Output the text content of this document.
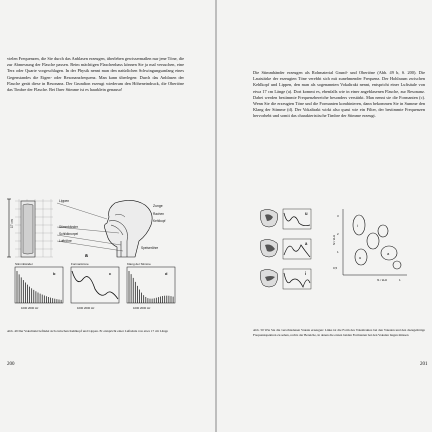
vielen Frequenzen, die Sie durch das Anblasen erzeugen, überleben gewissermaßen nur jene Töne, die zur Abmessung der Flasche passen. Beim mächtigen Flaschenbass können Sie ja mal versuchen, eine Terz oder Quarte vorgeschlagen. In der Physik nennt man den natürlichen Schwingungsanfang eines Gegenstandes die Eigen- oder Resonanzfrequenz. Man kann überlegen: Durch das Anblasen der Flasche gerät diese in Resonanz. Der Grundton erzeugt wiederum den Höheneindruck, die Obertöne das Timbre der Flasche. Bei Ihrer Stimme ist es haarklein genauso!

17 cm
Lippen
Zunge
Rachen
Kehlkopf
Stimmbänder
Schildknorpel
Luftröhre
Speiseröhre
a
Stimmbänder	Formantzone	Klang der Stimme
b
1000 2000 Hz
c
1000 2000 Hz
d
1000 2000 Hz

Abb. 49 Der Vokaltrakt befindet sich zwischen Kehlkopf und Lippen. Er entspricht einer Luftsäule von etwa 17 cm Länge

200

Die Stimmbänder erzeugen als Rohmaterial Grund- und Obertöne (Abb. 49 b, S. 200). Die Lautstärke der erzeugten Töne verebbt sich mit zunehmender Frequenz. Der Hohlraum zwischen Kehlkopf und Lippen, den man als sogenannten Vokaltrakt nennt, entspricht einer Luftsäule von etwa 17 cm Länge (a). Dort kommt es, ebenfalls wie in einer angeblasenen Flasche, zur Resonanz. Dabei werden bestimmte Frequenzbereiche besonders verstärkt. Man nennt sie die Formanten (c). Wenn Sie die erzeugten Töne und die Formanten kombinieren, dann bekommen Sie in Summe den Klang der Stimme (d). Der Vokaltrakt wirkt also quasi wie ein Filter, der bestimmte Frequenzen hervorhebt und somit das charakteristische Timbre der Stimme erzeugt.

u
a
i
3
2
1
0,5
1
f1 / kHz
f2 / kHz
i
u
a

Abb. 50 Wie Sie die verschiedenen Vokale erzeugen: Links ist die Form des Vokaltraktes bei den Vokalen und den dazugehörige Frequenzspektren zu sehen, rechts der Bereiche, in denen die ersten beiden Formanten bei den Vokalen liegen müssen

201
